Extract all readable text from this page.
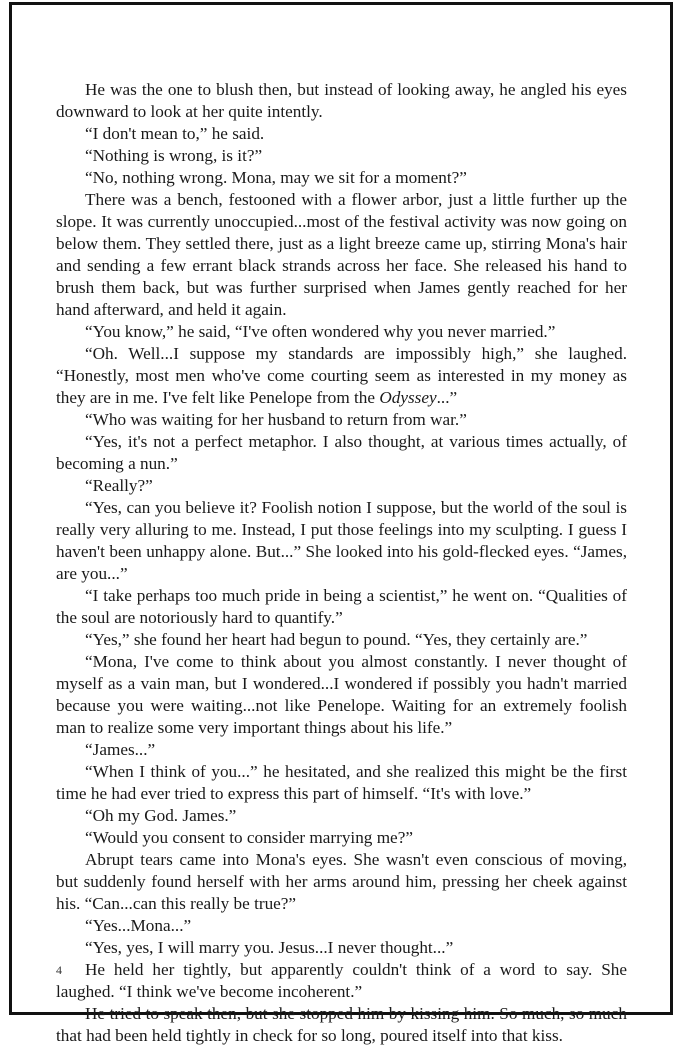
He was the one to blush then, but instead of looking away, he angled his eyes downward to look at her quite intently.

“I don't mean to,” he said.

“Nothing is wrong, is it?”

“No, nothing wrong. Mona, may we sit for a moment?”

There was a bench, festooned with a flower arbor, just a little further up the slope. It was currently unoccupied...most of the festival activity was now going on below them. They settled there, just as a light breeze came up, stirring Mona's hair and sending a few errant black strands across her face. She released his hand to brush them back, but was further surprised when James gently reached for her hand afterward, and held it again.

“You know,” he said, “I've often wondered why you never married.”

“Oh. Well...I suppose my standards are impossibly high,” she laughed. “Honestly, most men who've come courting seem as interested in my money as they are in me. I've felt like Penelope from the Odyssey...”

“Who was waiting for her husband to return from war.”

“Yes, it's not a perfect metaphor. I also thought, at various times actually, of becoming a nun.”

“Really?”

“Yes, can you believe it? Foolish notion I suppose, but the world of the soul is really very alluring to me. Instead, I put those feelings into my sculpting. I guess I haven't been unhappy alone. But...” She looked into his gold-flecked eyes. “James, are you...”

“I take perhaps too much pride in being a scientist,” he went on. “Qualities of the soul are notoriously hard to quantify.”

“Yes,” she found her heart had begun to pound. “Yes, they certainly are.”

“Mona, I've come to think about you almost constantly. I never thought of myself as a vain man, but I wondered...I wondered if possibly you hadn't married because you were waiting...not like Penelope. Waiting for an extremely foolish man to realize some very important things about his life.”

“James...”

“When I think of you...” he hesitated, and she realized this might be the first time he had ever tried to express this part of himself. “It's with love.”

“Oh my God. James.”

“Would you consent to consider marrying me?”

Abrupt tears came into Mona's eyes. She wasn't even conscious of moving, but suddenly found herself with her arms around him, pressing her cheek against his. “Can...can this really be true?”

“Yes...Mona...”

“Yes, yes, I will marry you. Jesus...I never thought...”

He held her tightly, but apparently couldn't think of a word to say. She laughed. “I think we've become incoherent.”

He tried to speak then, but she stopped him by kissing him. So much, so much that had been held tightly in check for so long, poured itself into that kiss.

4
